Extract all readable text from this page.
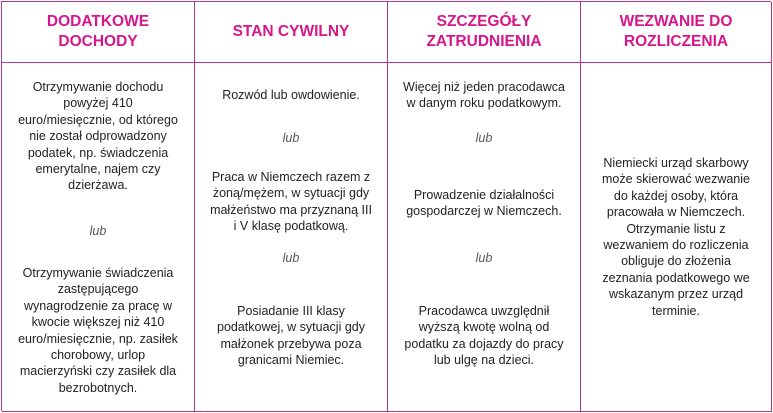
DODATKOWE DOCHODY
STAN CYWILNY
SZCZEGÓŁY ZATRUDNIENIA
WEZWANIE DO ROZLICZENIA
Otrzymywanie dochodu powyżej 410 euro/miesięcznie, od którego nie został odprowadzony podatek, np. świadczenia emerytalne, najem czy dzierżawa.
lub
Otrzymywanie świadczenia zastępującego wynagrodzenie za pracę w kwocie większej niż 410 euro/miesięcznie, np. zasiłek chorobowy, urlop macierzyński czy zasiłek dla bezrobotnych.
Rozwód lub owdowienie.
lub
Praca w Niemczech razem z żoną/mężem, w sytuacji gdy małżeństwo ma przyznaną III i V klasę podatkową.
lub
Posiadanie III klasy podatkowej, w sytuacji gdy małżonek przebywa poza granicami Niemiec.
Więcej niż jeden pracodawca w danym roku podatkowym.
lub
Prowadzenie działalności gospodarczej w Niemczech.
lub
Pracodawca uwzględnił wyższą kwotę wolną od podatku za dojazdy do pracy lub ulgę na dzieci.
Niemiecki urząd skarbowy może skierować wezwanie do każdej osoby, która pracowała w Niemczech. Otrzymanie listu z wezwaniem do rozliczenia obliguje do złożenia zeznania podatkowego we wskazanym przez urząd terminie.
